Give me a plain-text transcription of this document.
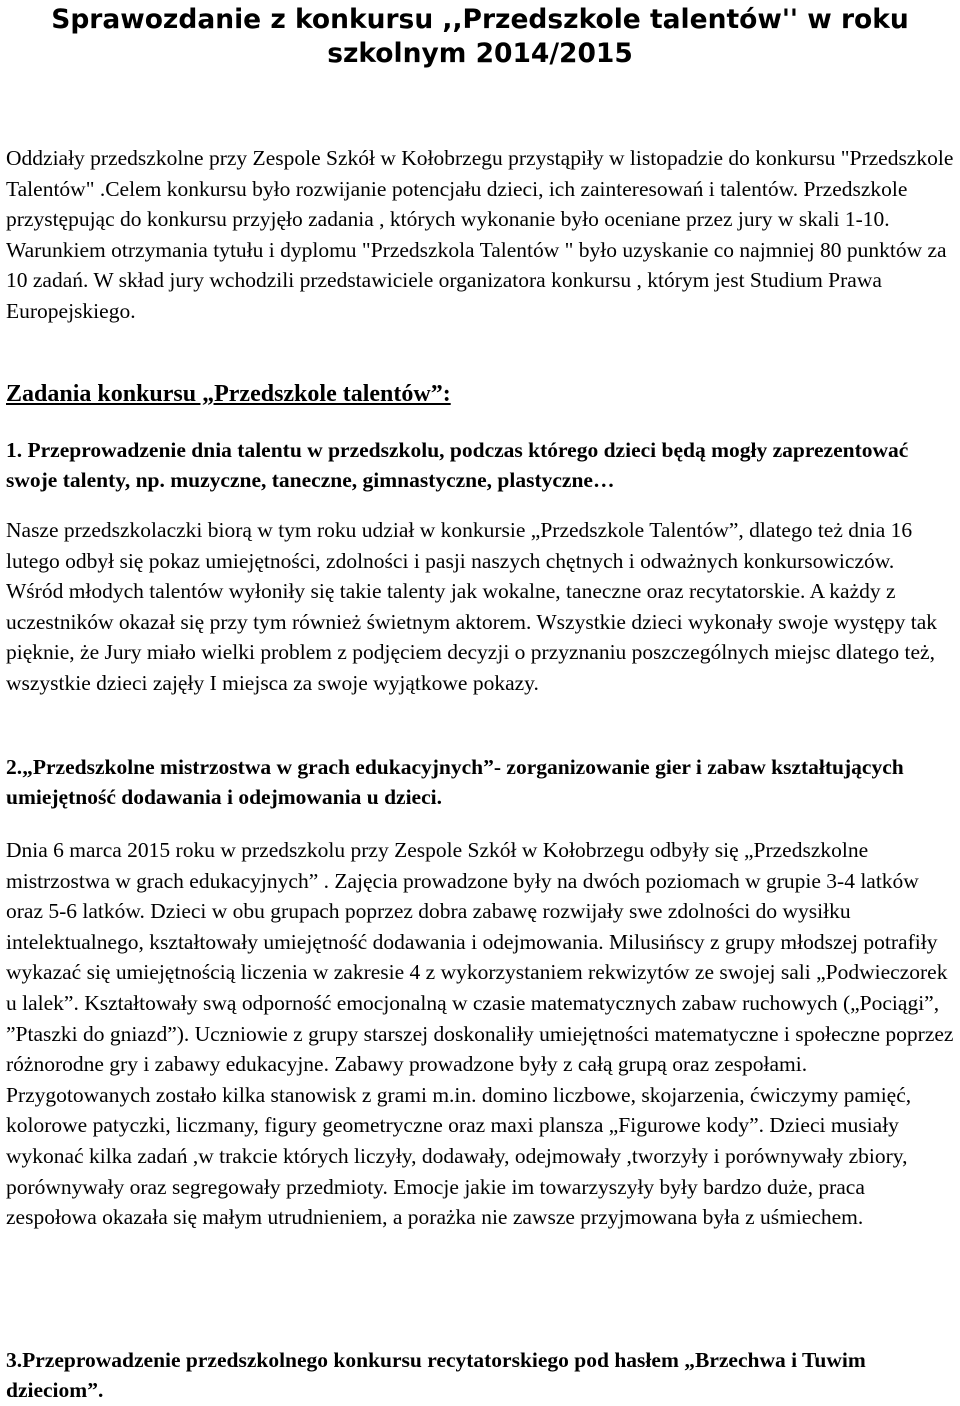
Sprawozdanie z konkursu ,,Przedszkole talentów'' w roku
szkolnym 2014/2015

Oddziały przedszkolne przy Zespole Szkół w Kołobrzegu przystąpiły w listopadzie do konkursu "Przedszkole Talentów" .Celem konkursu było rozwijanie potencjału dzieci, ich zainteresowań i talentów. Przedszkole przystępując do konkursu przyjęło zadania , których wykonanie było oceniane przez jury w skali 1-10. Warunkiem otrzymania tytułu i dyplomu "Przedszkola Talentów " było uzyskanie co najmniej 80 punktów za 10 zadań. W skład jury wchodzili przedstawiciele organizatora konkursu , którym jest Studium Prawa Europejskiego.

Zadania konkursu „Przedszkole talentów”:

1. Przeprowadzenie dnia talentu w przedszkolu, podczas którego dzieci będą mogły zaprezentować swoje talenty, np. muzyczne, taneczne, gimnastyczne, plastyczne…

Nasze przedszkolaczki biorą w tym roku udział w konkursie „Przedszkole Talentów”, dlatego też dnia 16 lutego odbył się pokaz umiejętności, zdolności i pasji naszych chętnych i odważnych konkursowiczów. Wśród młodych talentów wyłoniły się takie talenty jak wokalne, taneczne oraz recytatorskie. A każdy z uczestników okazał się przy tym również świetnym aktorem. Wszystkie dzieci wykonały swoje występy tak pięknie, że Jury miało wielki problem z podjęciem decyzji o przyznaniu poszczególnych miejsc dlatego też, wszystkie dzieci zajęły I miejsca za swoje wyjątkowe pokazy.

2.„Przedszkolne mistrzostwa w grach edukacyjnych”- zorganizowanie gier i zabaw kształtujących umiejętność dodawania i odejmowania u dzieci.

Dnia 6 marca 2015 roku w przedszkolu przy Zespole Szkół w Kołobrzegu odbyły się „Przedszkolne mistrzostwa w grach edukacyjnych” . Zajęcia prowadzone były na dwóch poziomach w grupie 3-4 latków oraz 5-6 latków. Dzieci w obu grupach poprzez dobra zabawę rozwijały swe zdolności do wysiłku intelektualnego, kształtowały umiejętność dodawania i odejmowania. Milusińscy z grupy młodszej potrafiły wykazać się umiejętnością liczenia w zakresie 4 z wykorzystaniem rekwizytów ze swojej sali „Podwieczorek u lalek”. Kształtowały swą odporność emocjonalną w czasie matematycznych zabaw ruchowych („Pociągi”, ”Ptaszki do gniazd”). Uczniowie z grupy starszej doskonaliły umiejętności matematyczne i społeczne poprzez różnorodne gry i zabawy edukacyjne. Zabawy prowadzone były z całą grupą oraz zespołami. Przygotowanych zostało kilka stanowisk z grami m.in. domino liczbowe, skojarzenia, ćwiczymy pamięć, kolorowe patyczki, liczmany, figury geometryczne oraz maxi plansza „Figurowe kody”. Dzieci musiały wykonać kilka zadań ,w trakcie których liczyły, dodawały, odejmowały ,tworzyły i porównywały zbiory, porównywały oraz segregowały przedmioty. Emocje jakie im towarzyszyły były bardzo duże, praca zespołowa okazała się małym utrudnieniem, a porażka nie zawsze przyjmowana była z uśmiechem.

3.Przeprowadzenie przedszkolnego konkursu recytatorskiego pod hasłem „Brzechwa i Tuwim dzieciom”.
